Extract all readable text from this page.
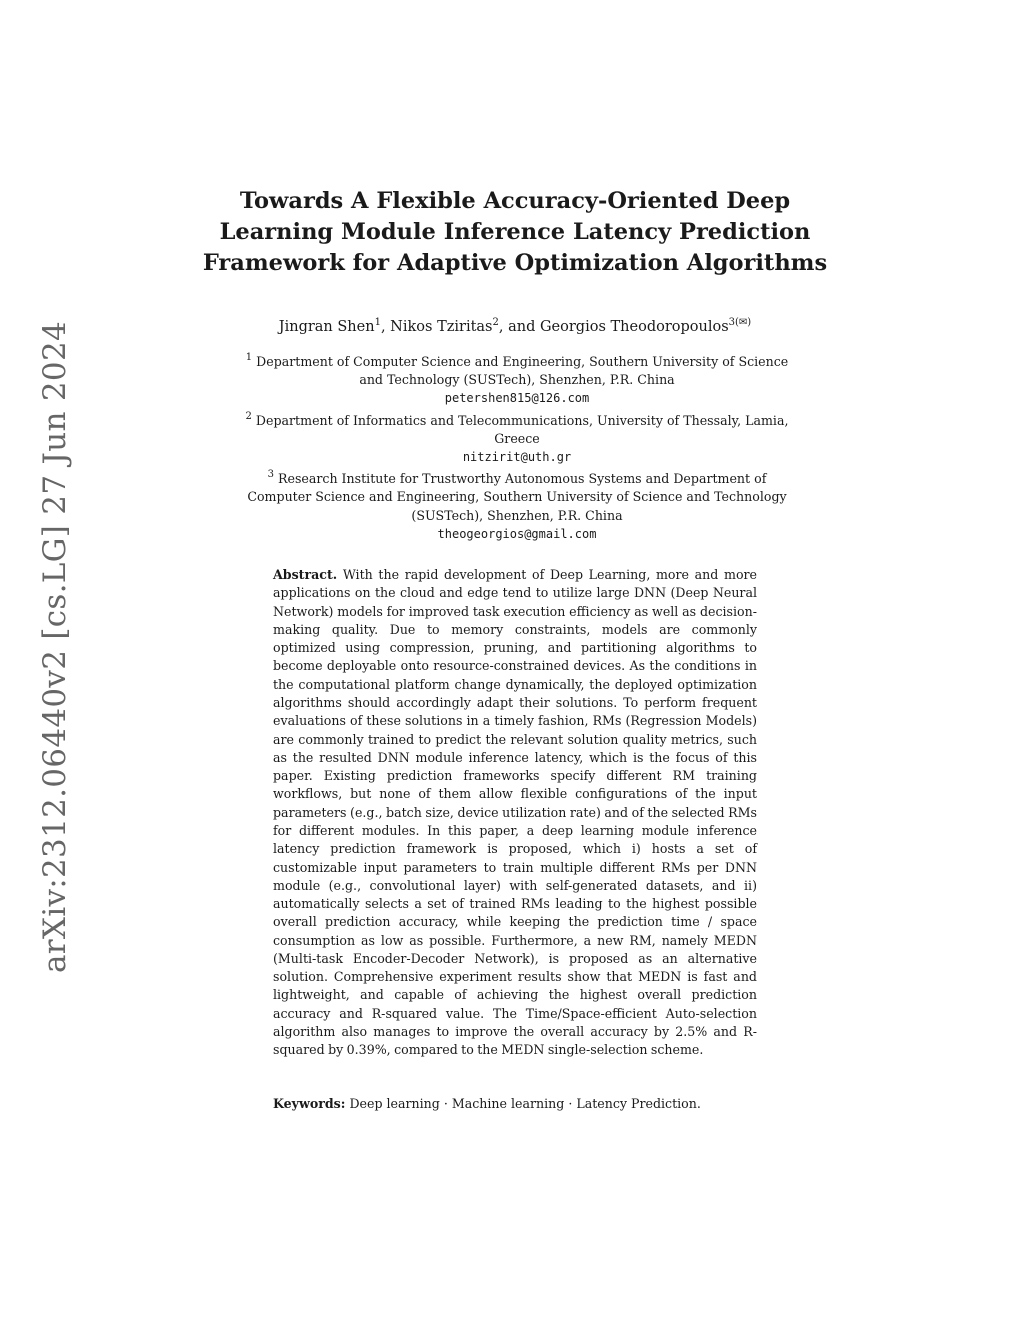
arXiv:2312.06440v2 [cs.LG] 27 Jun 2024
Towards A Flexible Accuracy-Oriented Deep Learning Module Inference Latency Prediction Framework for Adaptive Optimization Algorithms
Jingran Shen$^1$, Nikos Tziritas$^2$, and Georgios Theodoropoulos$^{3(✉)}$
$^1$ Department of Computer Science and Engineering, Southern University of Science
and Technology (SUSTech), Shenzhen, P.R. China
petershen815@126.com
$^2$ Department of Informatics and Telecommunications, University of Thessaly, Lamia,
Greece
nitzirit@uth.gr
$^3$ Research Institute for Trustworthy Autonomous Systems and Department of
Computer Science and Engineering, Southern University of Science and Technology
(SUSTech), Shenzhen, P.R. China
theogeorgios@gmail.com
Abstract. With the rapid development of Deep Learning, more and more applications on the cloud and edge tend to utilize large DNN (Deep Neural Network) models for improved task execution efficiency as well as decision-making quality. Due to memory constraints, models are commonly optimized using compression, pruning, and partitioning algorithms to become deployable onto resource-constrained devices. As the conditions in the computational platform change dynamically, the deployed optimization algorithms should accordingly adapt their solutions. To perform frequent evaluations of these solutions in a timely fashion, RMs (Regression Models) are commonly trained to predict the relevant solution quality metrics, such as the resulted DNN module inference latency, which is the focus of this paper. Existing prediction frameworks specify different RM training workflows, but none of them allow flexible configurations of the input parameters (e.g., batch size, device utilization rate) and of the selected RMs for different modules. In this paper, a deep learning module inference latency prediction framework is proposed, which i) hosts a set of customizable input parameters to train multiple different RMs per DNN module (e.g., convolutional layer) with self-generated datasets, and ii) automatically selects a set of trained RMs leading to the highest possible overall prediction accuracy, while keeping the prediction time / space consumption as low as possible. Furthermore, a new RM, namely MEDN (Multi-task Encoder-Decoder Network), is proposed as an alternative solution. Comprehensive experiment results show that MEDN is fast and lightweight, and capable of achieving the highest overall prediction accuracy and R-squared value. The Time/Space-efficient Auto-selection algorithm also manages to improve the overall accuracy by 2.5% and R-squared by 0.39%, compared to the MEDN single-selection scheme.
Keywords: Deep learning · Machine learning · Latency Prediction.
